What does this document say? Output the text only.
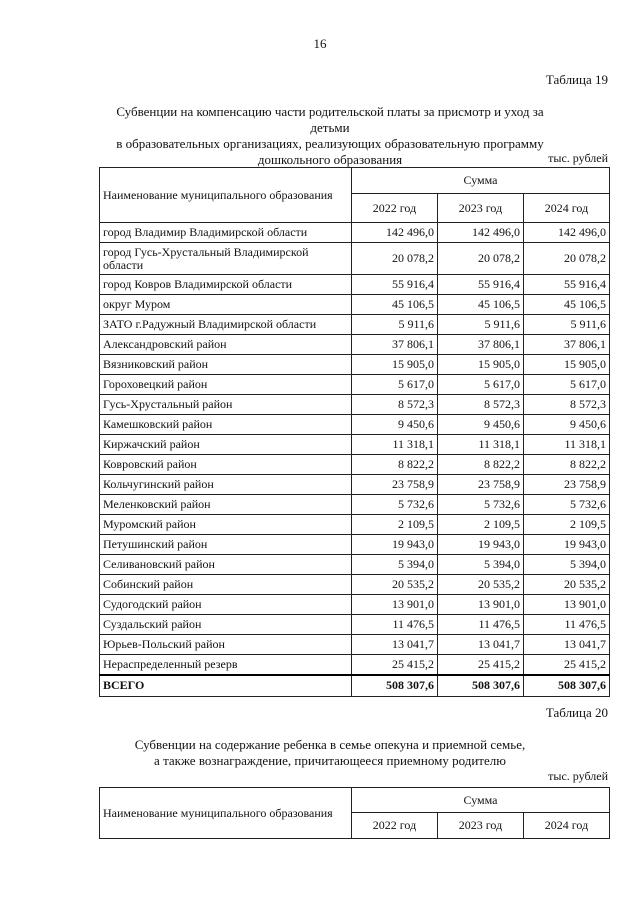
16
Таблица 19
Субвенции на компенсацию части родительской платы за присмотр и уход за детьми
в образовательных организациях, реализующих образовательную программу
дошкольного образования	тыс. рублей
Наименование муниципального образования	Сумма		
	2022 год	2023 год	2024 год
город Владимир Владимирской области	142 496,0	142 496,0	142 496,0
город Гусь-Хрустальный Владимирской области	20 078,2	20 078,2	20 078,2
город Ковров Владимирской области	55 916,4	55 916,4	55 916,4
округ Муром	45 106,5	45 106,5	45 106,5
ЗАТО г.Радужный Владимирской области	5 911,6	5 911,6	5 911,6
Александровский район	37 806,1	37 806,1	37 806,1
Вязниковский район	15 905,0	15 905,0	15 905,0
Гороховецкий район	5 617,0	5 617,0	5 617,0
Гусь-Хрустальный район	8 572,3	8 572,3	8 572,3
Камешковский район	9 450,6	9 450,6	9 450,6
Киржачский район	11 318,1	11 318,1	11 318,1
Ковровский район	8 822,2	8 822,2	8 822,2
Кольчугинский район	23 758,9	23 758,9	23 758,9
Меленковский район	5 732,6	5 732,6	5 732,6
Муромский район	2 109,5	2 109,5	2 109,5
Петушинский район	19 943,0	19 943,0	19 943,0
Селивановский район	5 394,0	5 394,0	5 394,0
Собинский район	20 535,2	20 535,2	20 535,2
Судогодский район	13 901,0	13 901,0	13 901,0
Суздальский район	11 476,5	11 476,5	11 476,5
Юрьев-Польский район	13 041,7	13 041,7	13 041,7
Нераспределенный резерв	25 415,2	25 415,2	25 415,2
ВСЕГО	508 307,6	508 307,6	508 307,6
Таблица 20
Субвенции на содержание ребенка в семье опекуна и приемной семье,
а также вознаграждение, причитающееся приемному родителю
тыс. рублей
Наименование муниципального образования	Сумма		
	2022 год	2023 год	2024 год
